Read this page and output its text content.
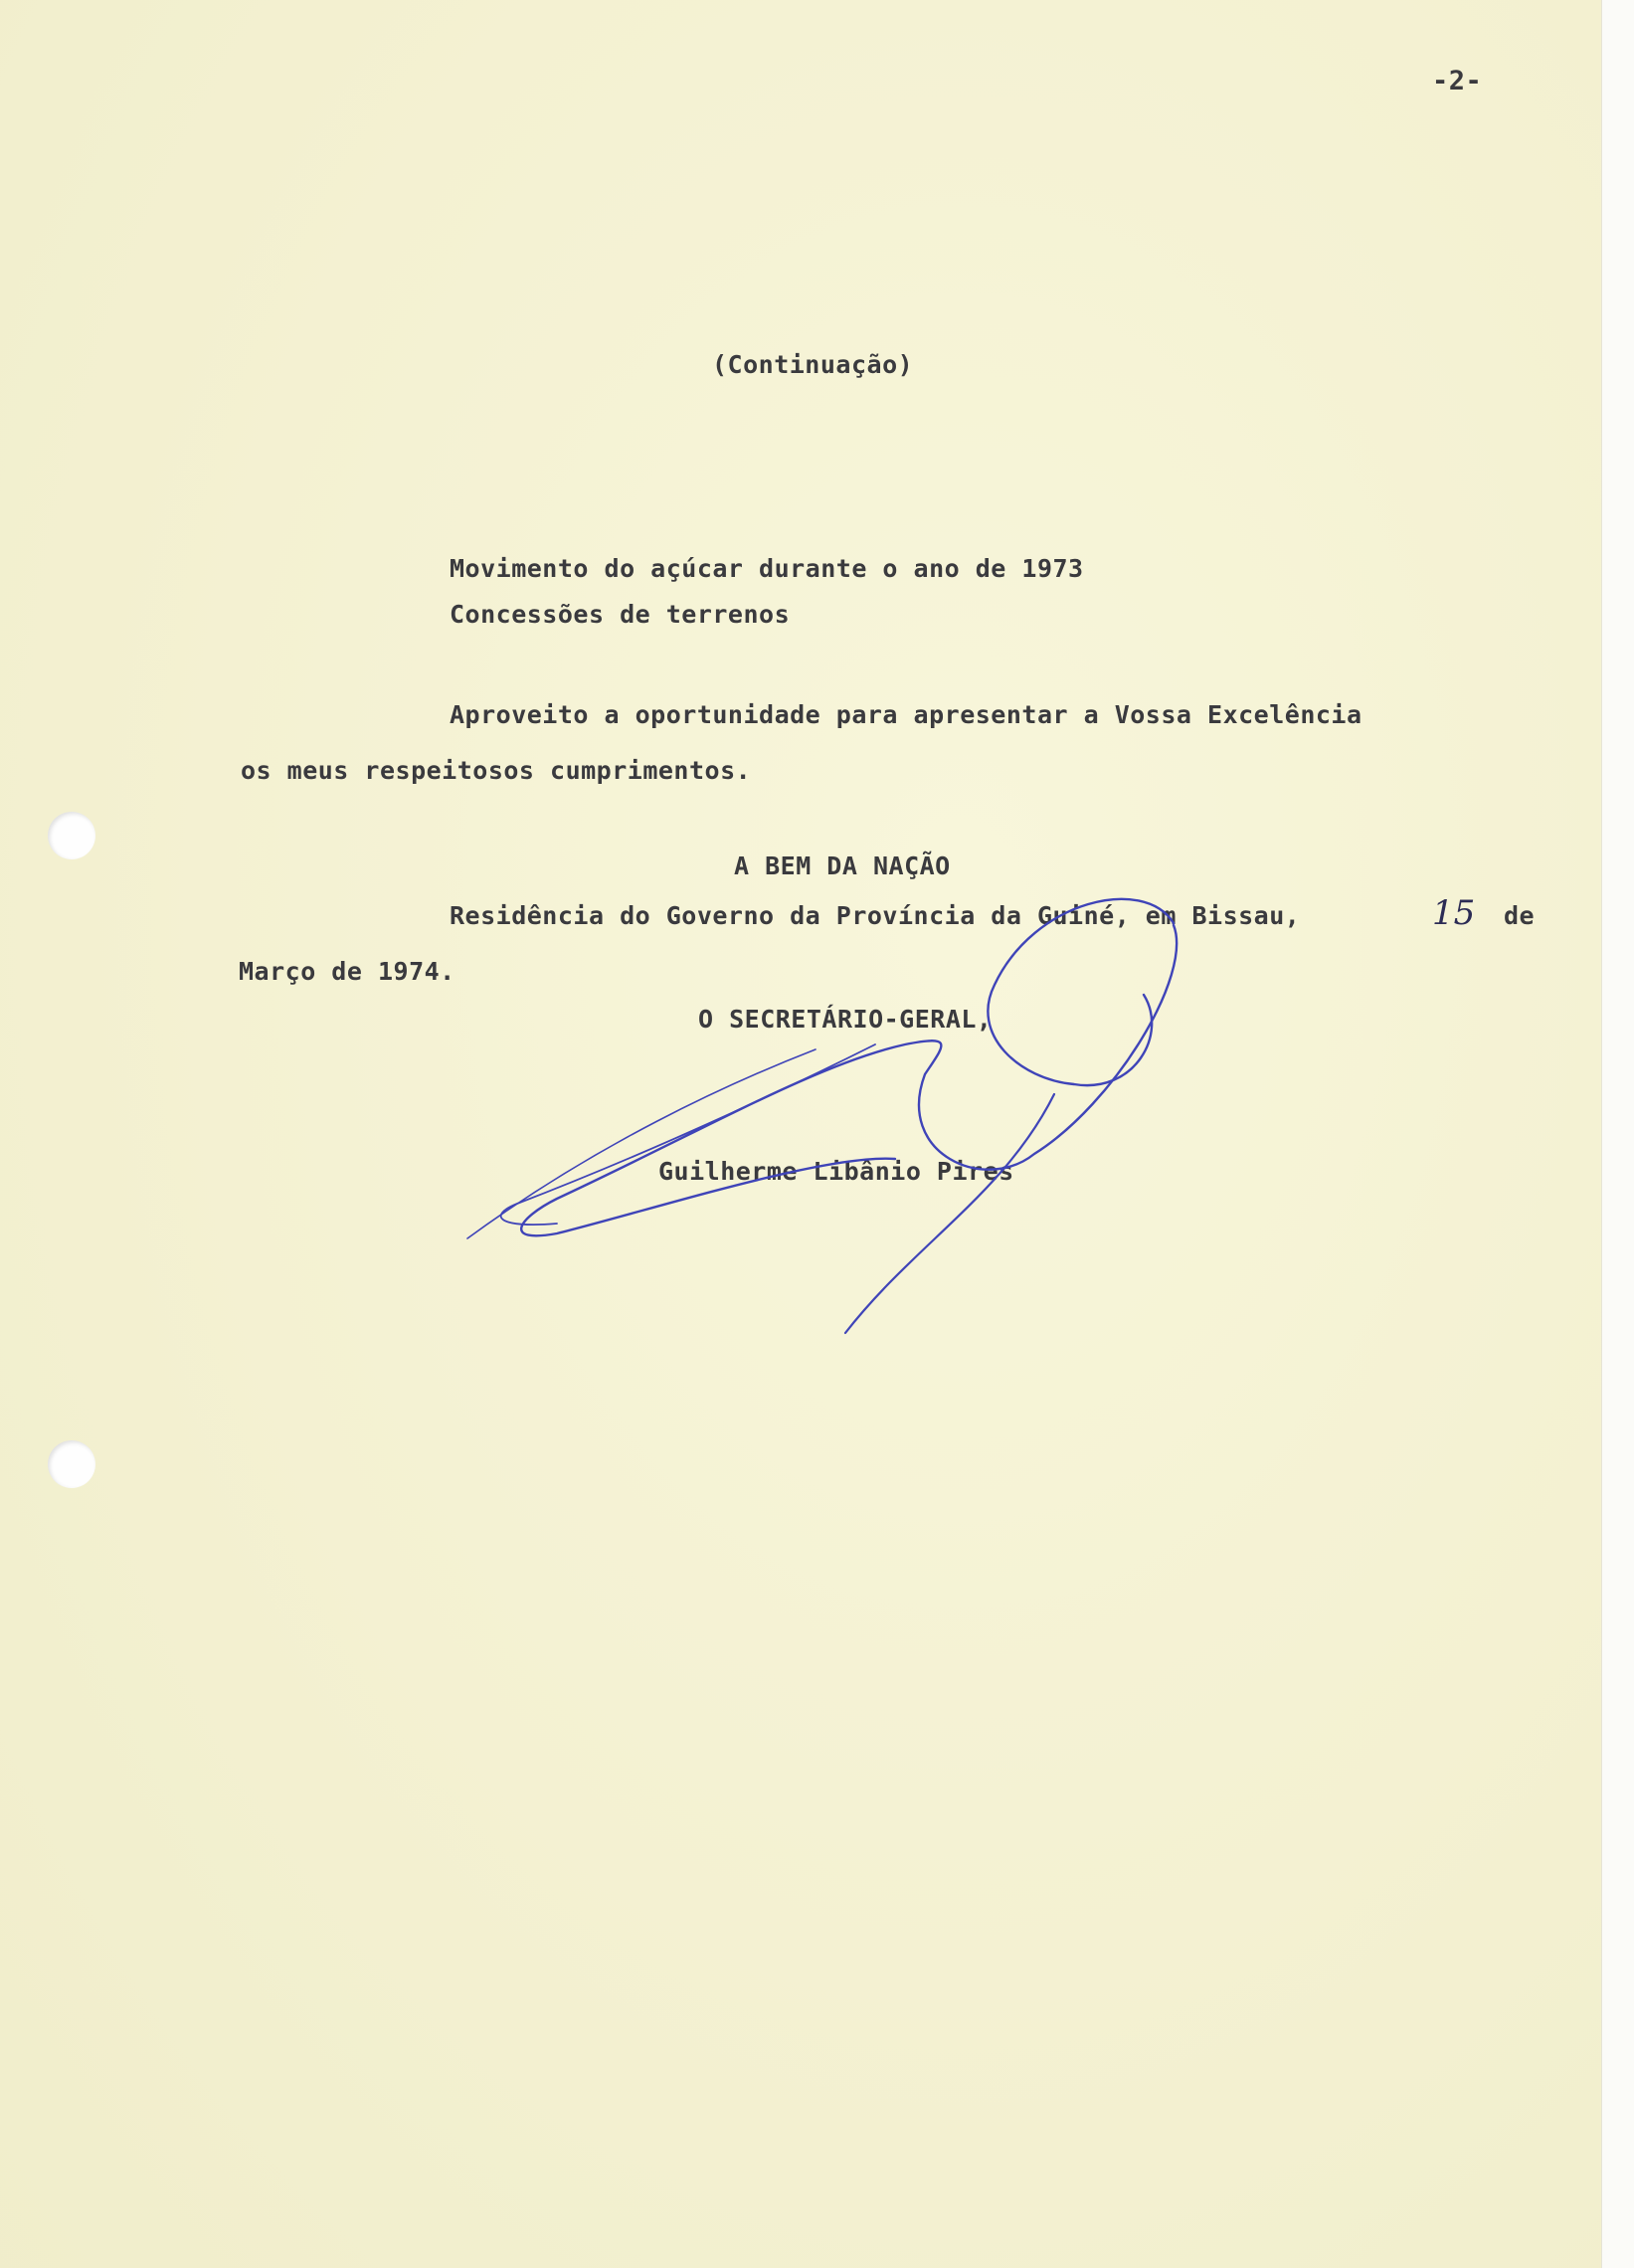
-2-
(Continuação)
Movimento do açúcar durante o ano de 1973
Concessões de terrenos
Aproveito a oportunidade para apresentar a Vossa Excelência
os meus respeitosos cumprimentos.
A BEM DA NAÇÃO
Residência do Governo da Província da Guiné, em Bissau,	15 de
Março de 1974.
O SECRETÁRIO-GERAL,
Guilherme Libânio Pires
